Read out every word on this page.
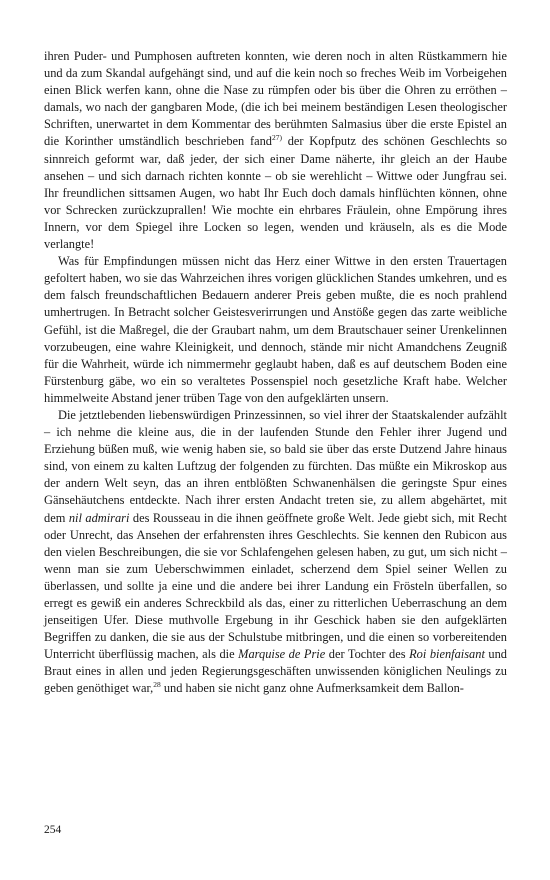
ihren Puder- und Pumphosen auftreten konnten, wie deren noch in alten Rüstkammern hie und da zum Skandal aufgehängt sind, und auf die kein noch so freches Weib im Vorbeigehen einen Blick werfen kann, ohne die Nase zu rümpfen oder bis über die Ohren zu erröthen – damals, wo nach der gangbaren Mode, (die ich bei meinem beständigen Lesen theologischer Schriften, unerwartet in dem Kommentar des berühmten Salmasius über die erste Epistel an die Korinther umständlich beschrieben fand$^{27)}$ der Kopfputz des schönen Geschlechts so sinnreich geformt war, daß jeder, der sich einer Dame näherte, ihr gleich an der Haube ansehen – und sich darnach richten konnte – ob sie werehlicht – Wittwe oder Jungfrau sei. Ihr freundlichen sittsamen Augen, wo habt Ihr Euch doch damals hinflüchten können, ohne vor Schrecken zurückzuprallen! Wie mochte ein ehrbares Fräulein, ohne Empörung ihres Innern, vor dem Spiegel ihre Locken so legen, wenden und kräuseln, als es die Mode verlangte!

Was für Empfindungen müssen nicht das Herz einer Wittwe in den ersten Trauertagen gefoltert haben, wo sie das Wahrzeichen ihres vorigen glücklichen Standes umkehren, und es dem falsch freundschaftlichen Bedauern anderer Preis geben mußte, die es noch prahlend umhertrugen. In Betracht solcher Geistesverirrungen und Anstöße gegen das zarte weibliche Gefühl, ist die Maßregel, die der Graubart nahm, um dem Brautschauer seiner Urenkelinnen vorzubeugen, eine wahre Kleinigkeit, und dennoch, stände mir nicht Amandchens Zeugniß für die Wahrheit, würde ich nimmermehr geglaubt haben, daß es auf deutschem Boden eine Fürstenburg gäbe, wo ein so veraltetes Possenspiel noch gesetzliche Kraft habe. Welcher himmelweite Abstand jener trüben Tage von den aufgeklärten unsern.

Die jetztlebenden liebenswürdigen Prinzessinnen, so viel ihrer der Staatskalender aufzählt – ich nehme die kleine aus, die in der laufenden Stunde den Fehler ihrer Jugend und Erziehung büßen muß, wie wenig haben sie, so bald sie über das erste Dutzend Jahre hinaus sind, von einem zu kalten Luftzug der folgenden zu fürchten. Das müßte ein Mikroskop aus der andern Welt seyn, das an ihren entblößten Schwanenhälsen die geringste Spur eines Gänsehäutchens entdeckte. Nach ihrer ersten Andacht treten sie, zu allem abgehärtet, mit dem nil admirari des Rousseau in die ihnen geöffnete große Welt. Jede giebt sich, mit Recht oder Unrecht, das Ansehen der erfahrensten ihres Geschlechts. Sie kennen den Rubicon aus den vielen Beschreibungen, die sie vor Schlafengehen gelesen haben, zu gut, um sich nicht – wenn man sie zum Ueberschwimmen einladet, scherzend dem Spiel seiner Wellen zu überlassen, und sollte ja eine und die andere bei ihrer Landung ein Frösteln überfallen, so erregt es gewiß ein anderes Schreckbild als das, einer zu ritterlichen Ueberraschung an dem jenseitigen Ufer. Diese muthvolle Ergebung in ihr Geschick haben sie den aufgeklärten Begriffen zu danken, die sie aus der Schulstube mitbringen, und die einen so vorbereitenden Unterricht überflüssig machen, als die Marquise de Prie der Tochter des Roi bienfaisant und Braut eines in allen und jeden Regierungsgeschäften unwissenden königlichen Neulings zu geben genöthiget war,$^{28}$ und haben sie nicht ganz ohne Aufmerksamkeit dem Ballon-

254
